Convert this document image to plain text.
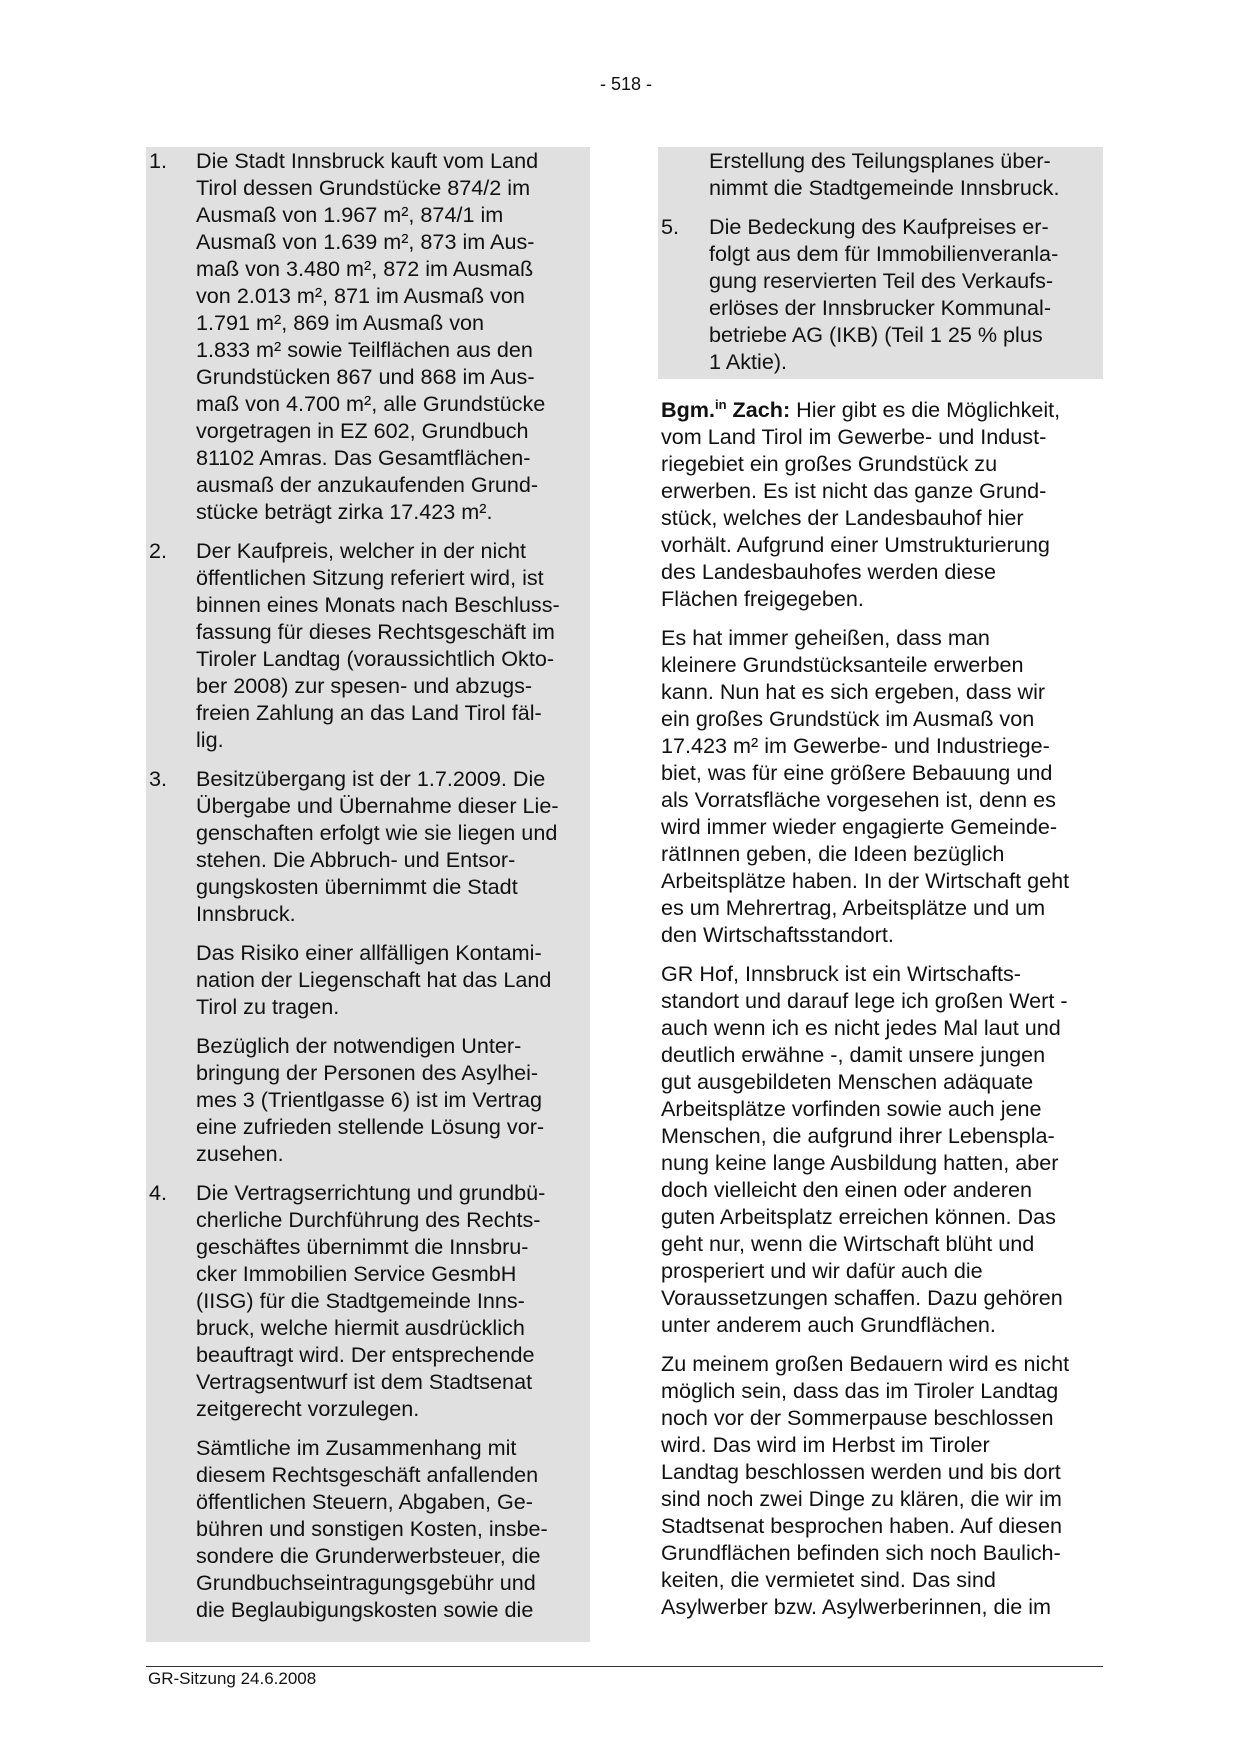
- 518 -
1. Die Stadt Innsbruck kauft vom Land
Tirol dessen Grundstücke 874/2 im
Ausmaß von 1.967 m², 874/1 im
Ausmaß von 1.639 m², 873 im Aus-
maß von 3.480 m², 872 im Ausmaß
von 2.013 m², 871 im Ausmaß von
1.791 m², 869 im Ausmaß von
1.833 m² sowie Teilflächen aus den
Grundstücken 867 und 868 im Aus-
maß von 4.700 m², alle Grundstücke
vorgetragen in EZ 602, Grundbuch
81102 Amras. Das Gesamtflächen-
ausmaß der anzukaufenden Grund-
stücke beträgt zirka 17.423 m².
2. Der Kaufpreis, welcher in der nicht
öffentlichen Sitzung referiert wird, ist
binnen eines Monats nach Beschluss-
fassung für dieses Rechtsgeschäft im
Tiroler Landtag (voraussichtlich Okto-
ber 2008) zur spesen- und abzugs-
freien Zahlung an das Land Tirol fäl-
lig.
3. Besitzübergang ist der 1.7.2009. Die
Übergabe und Übernahme dieser Lie-
genschaften erfolgt wie sie liegen und
stehen. Die Abbruch- und Entsor-
gungskosten übernimmt die Stadt
Innsbruck.
Das Risiko einer allfälligen Kontami-
nation der Liegenschaft hat das Land
Tirol zu tragen.
Bezüglich der notwendigen Unter-
bringung der Personen des Asylhei-
mes 3 (Trientlgasse 6) ist im Vertrag
eine zufrieden stellende Lösung vor-
zusehen.
4. Die Vertragserrichtung und grundbü-
cherliche Durchführung des Rechts-
geschäftes übernimmt die Innsbru-
cker Immobilien Service GesmbH
(IISG) für die Stadtgemeinde Inns-
bruck, welche hiermit ausdrücklich
beauftragt wird. Der entsprechende
Vertragsentwurf ist dem Stadtsenat
zeitgerecht vorzulegen.
Sämtliche im Zusammenhang mit
diesem Rechtsgeschäft anfallenden
öffentlichen Steuern, Abgaben, Ge-
bühren und sonstigen Kosten, insbe-
sondere die Grunderwerbsteuer, die
Grundbuchseintragungsgebühr und
die Beglaubigungskosten sowie die
Erstellung des Teilungsplanes über-
nimmt die Stadtgemeinde Innsbruck.
5. Die Bedeckung des Kaufpreises er-
folgt aus dem für Immobilienveranla-
gung reservierten Teil des Verkaufs-
erlöses der Innsbrucker Kommunal-
betriebe AG (IKB) (Teil 1 25 % plus
1 Aktie).
Bgm.$^{in}$ Zach: Hier gibt es die Möglichkeit,
vom Land Tirol im Gewerbe- und Indust-
riegebiet ein großes Grundstück zu
erwerben. Es ist nicht das ganze Grund-
stück, welches der Landesbauhof hier
vorhält. Aufgrund einer Umstrukturierung
des Landesbauhofes werden diese
Flächen freigegeben.
Es hat immer geheißen, dass man
kleinere Grundstücksanteile erwerben
kann. Nun hat es sich ergeben, dass wir
ein großes Grundstück im Ausmaß von
17.423 m² im Gewerbe- und Industriege-
biet, was für eine größere Bebauung und
als Vorratsfläche vorgesehen ist, denn es
wird immer wieder engagierte Gemeinde-
rätInnen geben, die Ideen bezüglich
Arbeitsplätze haben. In der Wirtschaft geht
es um Mehrertrag, Arbeitsplätze und um
den Wirtschaftsstandort.
GR Hof, Innsbruck ist ein Wirtschafts-
standort und darauf lege ich großen Wert -
auch wenn ich es nicht jedes Mal laut und
deutlich erwähne -, damit unsere jungen
gut ausgebildeten Menschen adäquate
Arbeitsplätze vorfinden sowie auch jene
Menschen, die aufgrund ihrer Lebenspla-
nung keine lange Ausbildung hatten, aber
doch vielleicht den einen oder anderen
guten Arbeitsplatz erreichen können. Das
geht nur, wenn die Wirtschaft blüht und
prosperiert und wir dafür auch die
Voraussetzungen schaffen. Dazu gehören
unter anderem auch Grundflächen.
Zu meinem großen Bedauern wird es nicht
möglich sein, dass das im Tiroler Landtag
noch vor der Sommerpause beschlossen
wird. Das wird im Herbst im Tiroler
Landtag beschlossen werden und bis dort
sind noch zwei Dinge zu klären, die wir im
Stadtsenat besprochen haben. Auf diesen
Grundflächen befinden sich noch Baulich-
keiten, die vermietet sind. Das sind
Asylwerber bzw. Asylwerberinnen, die im
GR-Sitzung 24.6.2008
